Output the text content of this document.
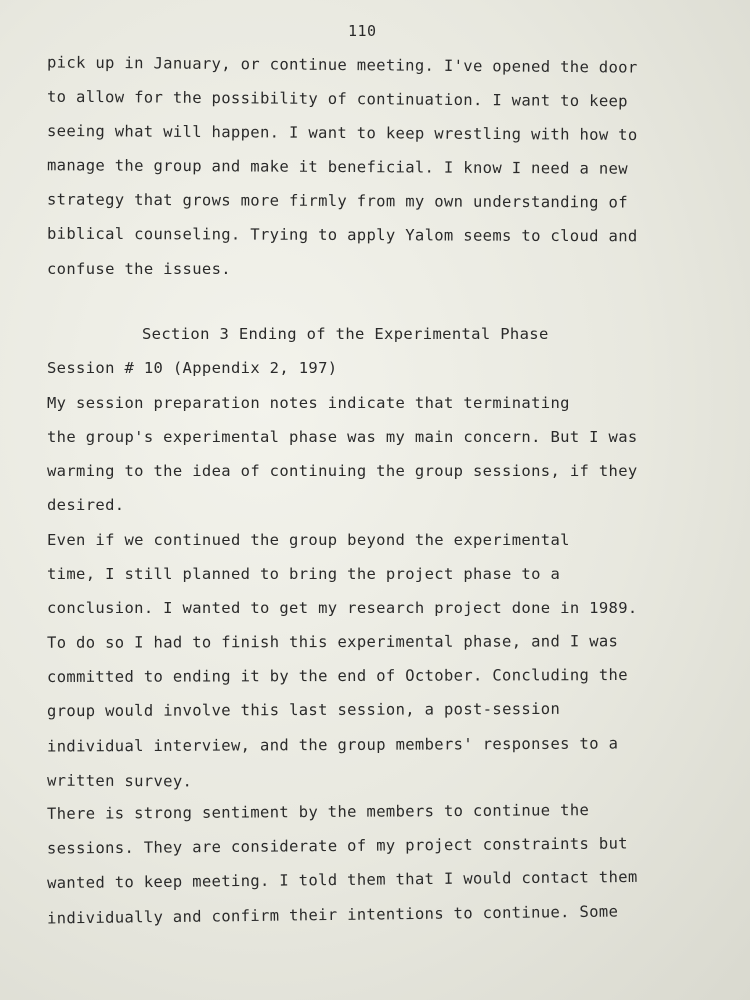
110
pick up in January, or continue meeting. I've opened the door
to allow for the possibility of continuation. I want to keep
seeing what will happen. I want to keep wrestling with how to
manage the group and make it beneficial. I know I need a new
strategy that grows more firmly from my own understanding of
biblical counseling. Trying to apply Yalom seems to cloud and
confuse the issues.
Section 3 Ending of the Experimental Phase
Session # 10 (Appendix 2, 197)
My session preparation notes indicate that terminating
the group's experimental phase was my main concern. But I was
warming to the idea of continuing the group sessions, if they
desired.
Even if we continued the group beyond the experimental
time, I still planned to bring the project phase to a
conclusion. I wanted to get my research project done in 1989.
To do so I had to finish this experimental phase, and I was
committed to ending it by the end of October. Concluding the
group would involve this last session, a post-session
individual interview, and the group members' responses to a
written survey.
There is strong sentiment by the members to continue the
sessions. They are considerate of my project constraints but
wanted to keep meeting. I told them that I would contact them
individually and confirm their intentions to continue. Some
